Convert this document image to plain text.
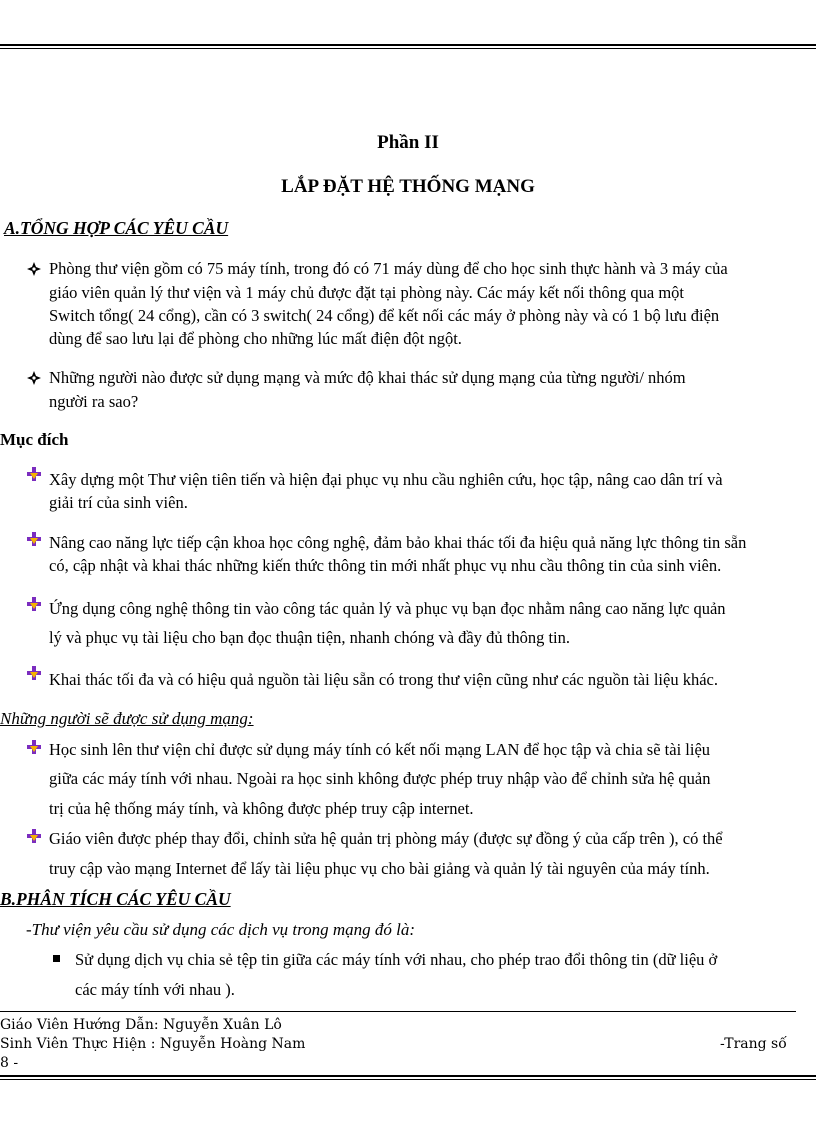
Phần II
LẮP ĐẶT HỆ THỐNG MẠNG
A.TỔNG HỢP CÁC YÊU CẦU
Phòng thư viện gồm có 75 máy tính, trong đó có 71 máy dùng để cho học sinh thực hành và 3 máy của
giáo viên quản lý thư viện và 1 máy chủ được đặt tại phòng này. Các máy kết nối thông qua một
Switch tổng( 24 cổng), cần có 3 switch( 24 cổng) để kết nối các máy ở phòng này và có 1 bộ lưu điện
dùng để sao lưu lại để phòng cho những lúc mất điện đột ngột.
Những người nào được sử dụng mạng và mức độ khai thác sử dụng mạng của từng người/ nhóm
người ra sao?
Mục đích
Xây dựng một Thư viện tiên tiến và hiện đại phục vụ nhu cầu nghiên cứu, học tập, nâng cao dân trí và
giải trí của sinh viên.
Nâng cao năng lực tiếp cận khoa học công nghệ, đảm bảo khai thác tối đa hiệu quả năng lực thông tin sẵn
có, cập nhật và khai thác những kiến thức thông tin mới nhất phục vụ nhu cầu thông tin của sinh viên.
Ứng dụng công nghệ thông tin vào công tác quản lý và phục vụ bạn đọc nhằm nâng cao năng lực quản
lý và phục vụ tài liệu cho bạn đọc thuận tiện, nhanh chóng và đầy đủ thông tin.
Khai thác tối đa và có hiệu quả nguồn tài liệu sẵn có trong thư viện cũng như các nguồn tài liệu khác.
Những người sẽ được sử dụng mạng:
Học sinh lên thư viện chỉ được sử dụng máy tính có kết nối mạng LAN để học tập và chia sẽ tài liệu
giữa các máy tính với nhau. Ngoài ra học sinh không được phép truy nhập vào để chỉnh sửa hệ quản
trị của hệ thống máy tính, và không được phép truy cập internet.
Giáo viên được phép thay đổi, chỉnh sửa hệ quản trị phòng máy (được sự đồng ý của cấp trên ), có thể
truy cập vào mạng Internet để lấy tài liệu phục vụ cho bài giảng và quản lý tài nguyên của máy tính.
B.PHÂN TÍCH CÁC YÊU CẦU
-Thư viện yêu cầu sử dụng các dịch vụ trong mạng đó là:
Sử dụng dịch vụ chia sẻ tệp tin giữa các máy tính với nhau, cho phép trao đổi thông tin (dữ liệu ở
các máy tính với nhau ).
Giáo Viên Hướng Dẫn: Nguyễn Xuân Lô
Sinh Viên Thực Hiện : Nguyễn Hoàng Nam	-Trang số
8 -
